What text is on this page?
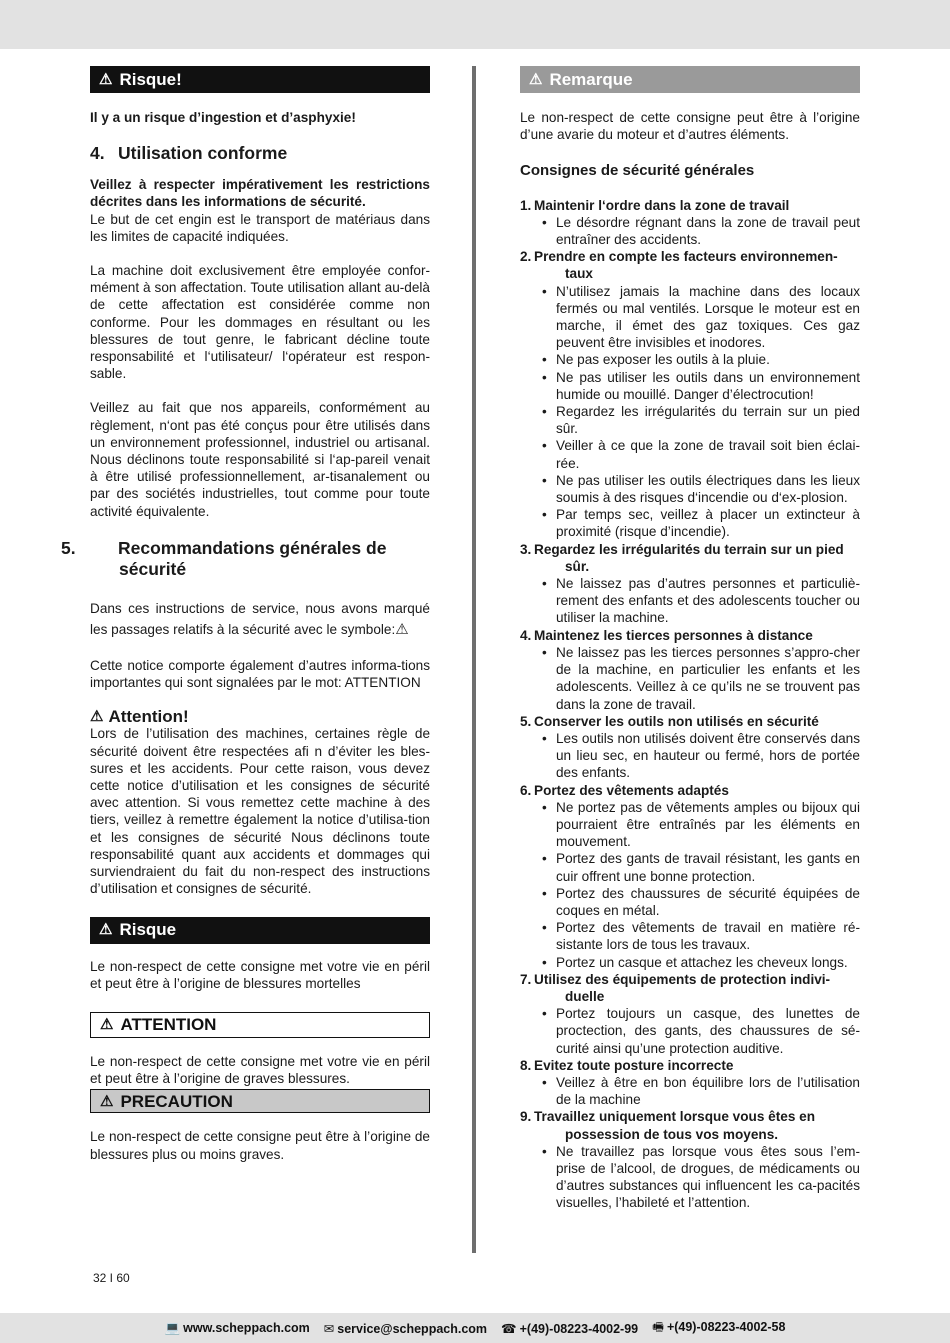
⚠ Risque!

Il y a un risque d’ingestion et d’asphyxie!

4. Utilisation conforme

Veillez à respecter impérativement les restrictions décrites dans les informations de sécurité.

Le but de cet engin est le transport de matériaus dans les limites de capacité indiquées.

La machine doit exclusivement être employée confor-mément à son affectation. Toute utilisation allant au-delà de cette affectation est considérée comme non conforme. Pour les dommages en résultant ou les blessures de tout genre, le fabricant décline toute responsabilité et l‘utilisateur/ l‘opérateur est respon-sable.

Veillez au fait que nos appareils, conformément au règlement, n‘ont pas été conçus pour être utilisés dans un environnement professionnel, industriel ou artisanal. Nous déclinons toute responsabilité si l‘ap-pareil venait à être utilisé professionnellement, ar-tisanalement ou par des sociétés industrielles, tout comme pour toute activité équivalente.

5. Recommandations générales de sécurité

Dans ces instructions de service, nous avons marqué les passages relatifs à la sécurité avec le symbole:⚠

Cette notice comporte également d’autres informa-tions importantes qui sont signalées par le mot: ATTENTION

⚠ Attention!

Lors de l’utilisation des machines, certaines règle de sécurité doivent être respectées afi n d’éviter les bles-sures et les accidents. Pour cette raison, vous devez cette notice d’utilisation et les consignes de sécurité avec attention. Si vous remettez cette machine à des tiers, veillez à remettre également la notice d’utilisa-tion et les consignes de sécurité Nous déclinons toute responsabilité quant aux accidents et dommages qui surviendraient du fait du non-respect des instructions d’utilisation et consignes de sécurité.

⚠ Risque

Le non-respect de cette consigne met votre vie en péril et peut être à l’origine de blessures mortelles

⚠ ATTENTION

Le non-respect de cette consigne met votre vie en péril et peut être à l’origine de graves blessures.

⚠ PRECAUTION

Le non-respect de cette consigne peut être à l’origine de blessures plus ou moins graves.

⚠ Remarque

Le non-respect de cette consigne peut être à l’origine d’une avarie du moteur et d’autres éléments.

Consignes de sécurité générales
1. Maintenir l‘ordre dans la zone de travail
• Le désordre régnant dans la zone de travail peut entraîner des accidents.
2. Prendre en compte les facteurs environnemen-taux
• N’utilisez jamais la machine dans des locaux fermés ou mal ventilés. Lorsque le moteur est en marche, il émet des gaz toxiques. Ces gaz peuvent être invisibles et inodores.
• Ne pas exposer les outils à la pluie.
• Ne pas utiliser les outils dans un environnement humide ou mouillé. Danger d’électrocution!
• Regardez les irrégularités du terrain sur un pied sûr.
• Veiller à ce que la zone de travail soit bien éclai-rée.
• Ne pas utiliser les outils électriques dans les lieux soumis à des risques d‘incendie ou d‘ex-plosion.
• Par temps sec, veillez à placer un extincteur à proximité (risque d’incendie).
3. Regardez les irrégularités du terrain sur un pied sûr.
• Ne laissez pas d’autres personnes et particuliè-rement des enfants et des adolescents toucher ou utiliser la machine.
4. Maintenez les tierces personnes à distance
• Ne laissez pas les tierces personnes s’appro-cher de la machine, en particulier les enfants et les adolescents. Veillez à ce qu’ils ne se trouvent pas dans la zone de travail.
5. Conserver les outils non utilisés en sécurité
• Les outils non utilisés doivent être conservés dans un lieu sec, en hauteur ou fermé, hors de portée des enfants.
6. Portez des vêtements adaptés
• Ne portez pas de vêtements amples ou bijoux qui pourraient être entraînés par les éléments en mouvement.
• Portez des gants de travail résistant, les gants en cuir offrent une bonne protection.
• Portez des chaussures de sécurité équipées de coques en métal.
• Portez des vêtements de travail en matière ré-sistante lors de tous les travaux.
• Portez un casque et attachez les cheveux longs.
7. Utilisez des équipements de protection indivi-duelle
• Portez toujours un casque, des lunettes de proctection, des gants, des chaussures de sé-curité ainsi qu’une protection auditive.
8. Evitez toute posture incorrecte
• Veillez à être en bon équilibre lors de l’utilisation de la machine
9. Travaillez uniquement lorsque vous êtes en possession de tous vos moyens.
• Ne travaillez pas lorsque vous êtes sous l’em-prise de l’alcool, de drogues, de médicaments ou d’autres substances qui influencent les ca-pacités visuelles, l’habileté et l’attention.
32 I 60
💻 www.scheppach.com ✉ service@scheppach.com ☎ +(49)-08223-4002-99 🖷 +(49)-08223-4002-58
